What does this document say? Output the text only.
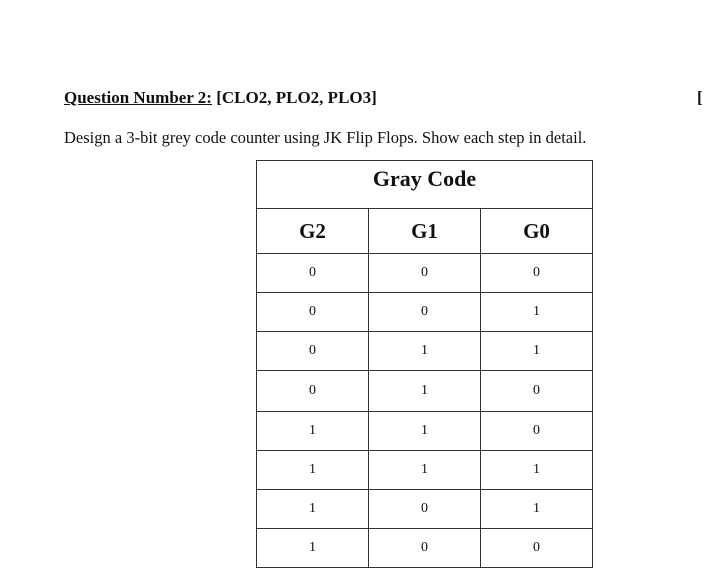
Question Number 2: [CLO2, PLO2, PLO3]	[
Design a 3-bit grey code counter using JK Flip Flops. Show each step in detail.
Gray Code		
G2	G1	G0
0	0	0
0	0	1
0	1	1
0	1	0
1	1	0
1	1	1
1	0	1
1	0	0
